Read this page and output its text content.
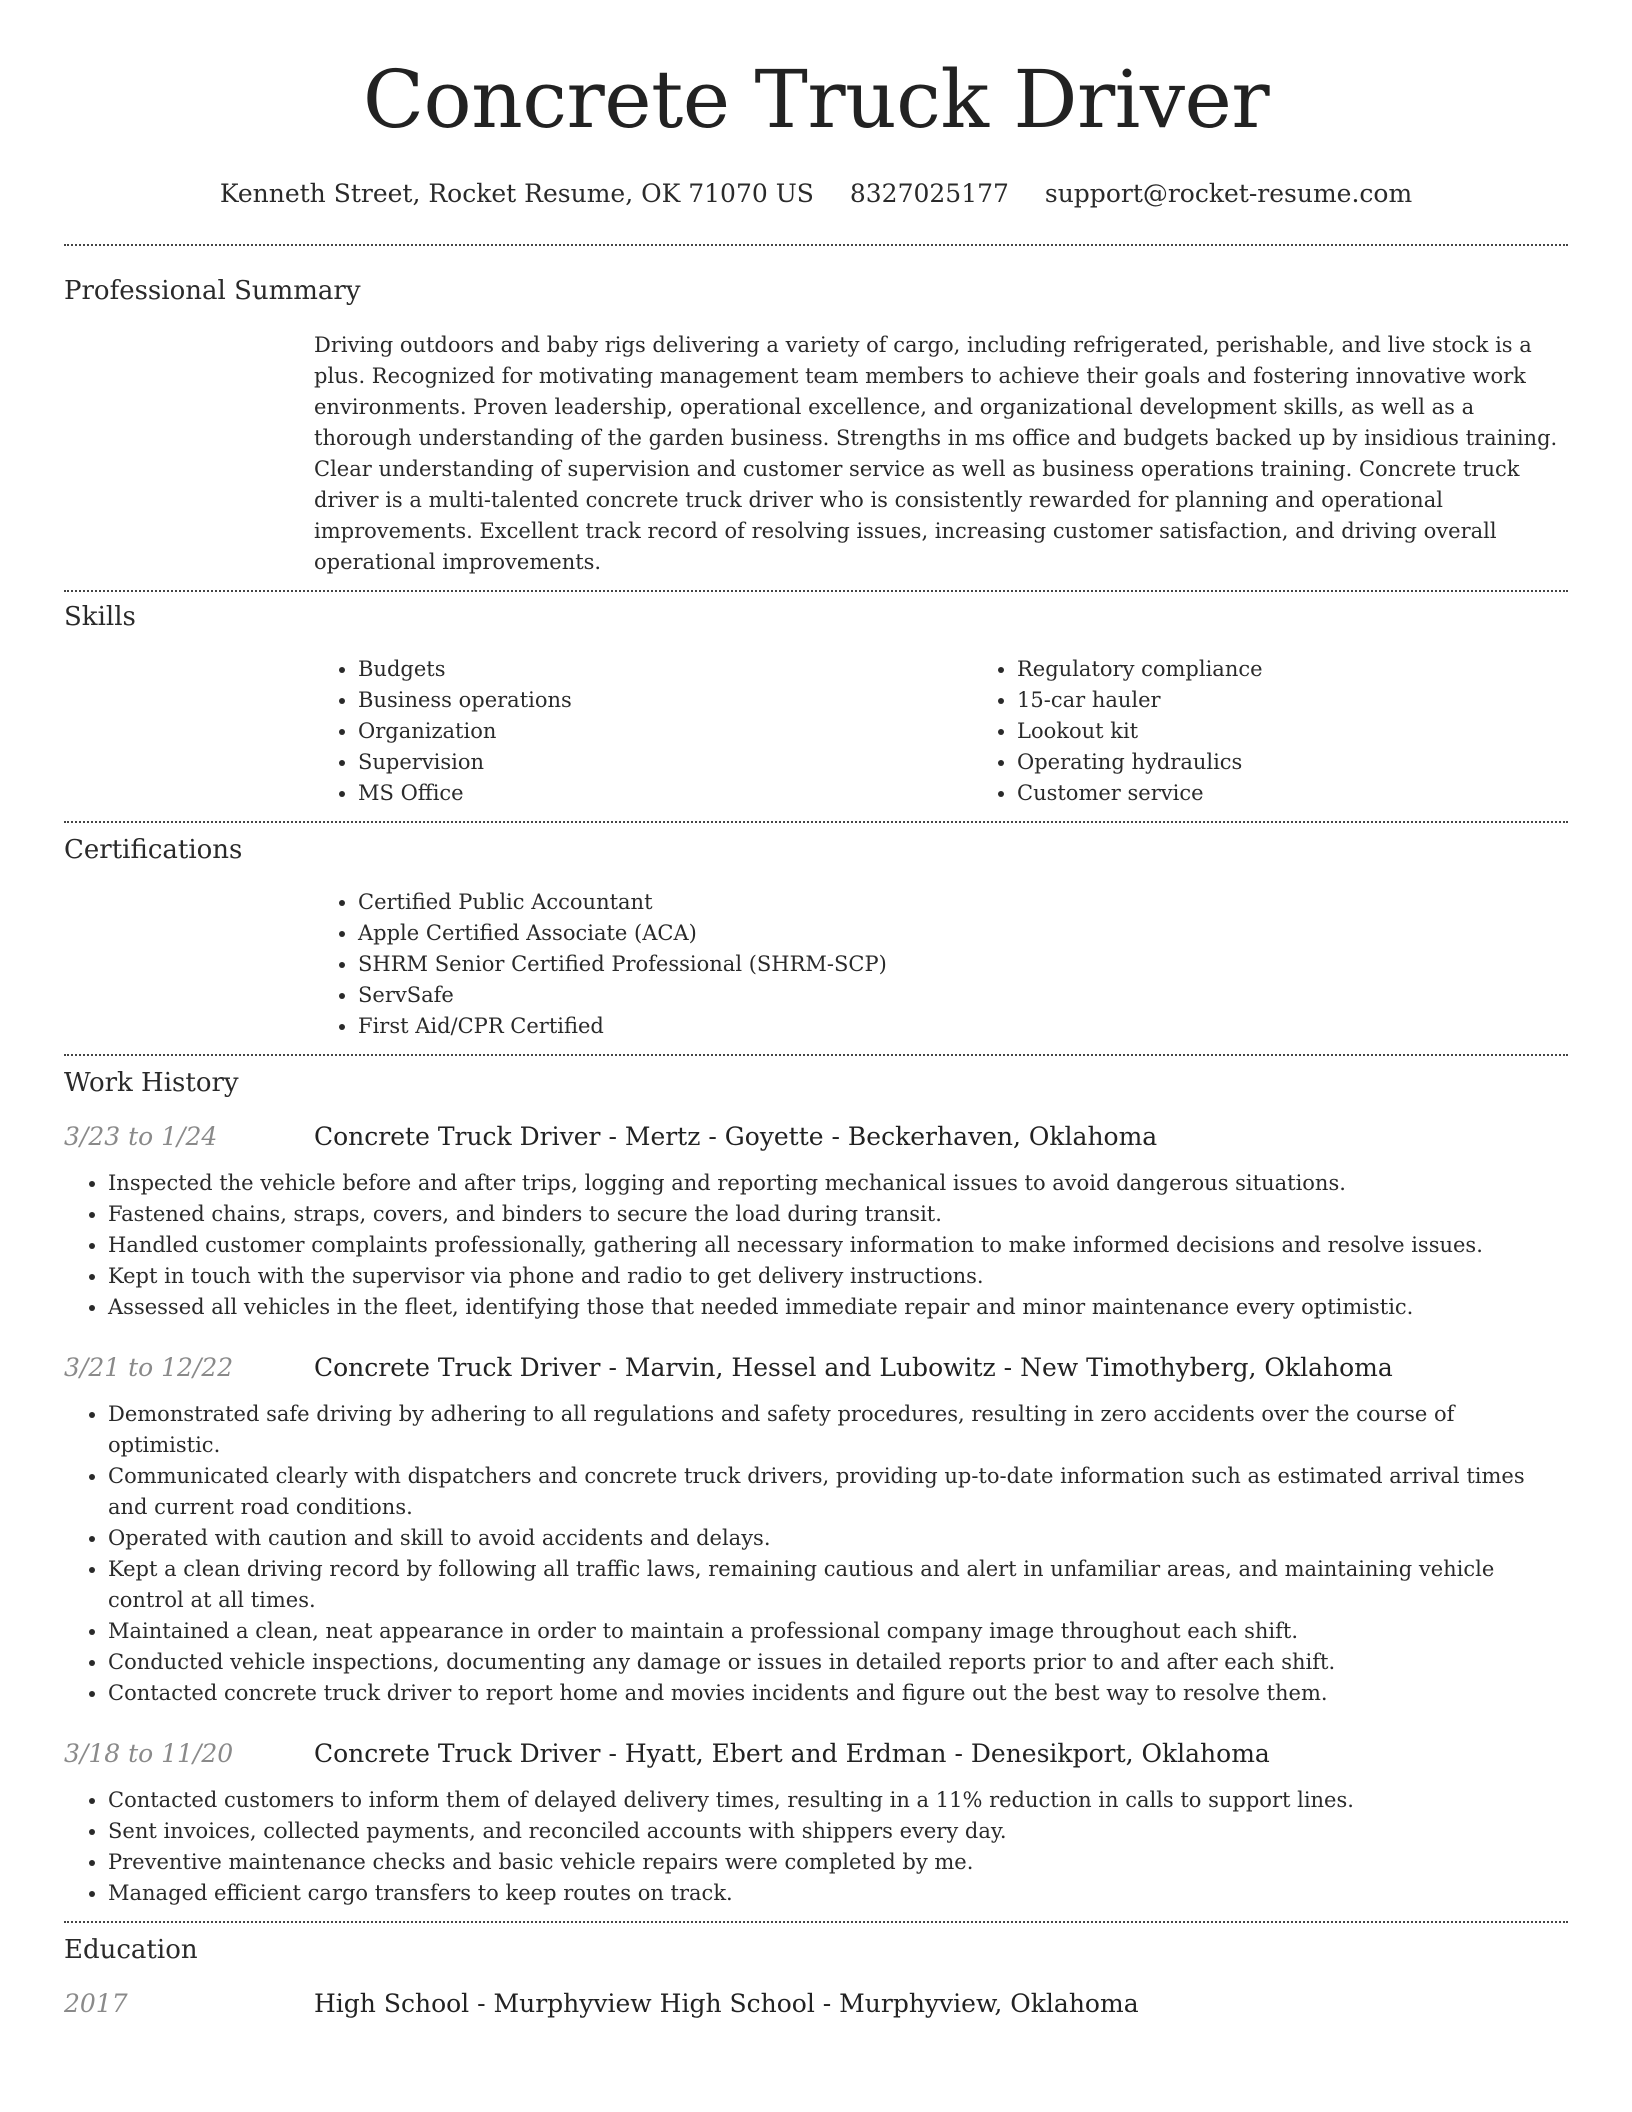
Concrete Truck Driver
Kenneth Street, Rocket Resume, OK 71070 US 8327025177 support@rocket-resume.com
Professional Summary

Driving outdoors and baby rigs delivering a variety of cargo, including refrigerated, perishable, and live stock is a plus. Recognized for motivating management team members to achieve their goals and fostering innovative work environments. Proven leadership, operational excellence, and organizational development skills, as well as a thorough understanding of the garden business. Strengths in ms office and budgets backed up by insidious training. Clear understanding of supervision and customer service as well as business operations training. Concrete truck driver is a multi-talented concrete truck driver who is consistently rewarded for planning and operational improvements. Excellent track record of resolving issues, increasing customer satisfaction, and driving overall operational improvements.

Skills
• Budgets
• Business operations
• Organization
• Supervision
• MS Office
• Regulatory compliance
• 15-car hauler
• Lookout kit
• Operating hydraulics
• Customer service
Certifications
• Certified Public Accountant
• Apple Certified Associate (ACA)
• SHRM Senior Certified Professional (SHRM-SCP)
• ServSafe
• First Aid/CPR Certified
Work History
3/23 to 1/24	Concrete Truck Driver - Mertz - Goyette - Beckerhaven, Oklahoma
• Inspected the vehicle before and after trips, logging and reporting mechanical issues to avoid dangerous situations.
• Fastened chains, straps, covers, and binders to secure the load during transit.
• Handled customer complaints professionally, gathering all necessary information to make informed decisions and resolve issues.
• Kept in touch with the supervisor via phone and radio to get delivery instructions.
• Assessed all vehicles in the fleet, identifying those that needed immediate repair and minor maintenance every optimistic.
3/21 to 12/22	Concrete Truck Driver - Marvin, Hessel and Lubowitz - New Timothyberg, Oklahoma
• Demonstrated safe driving by adhering to all regulations and safety procedures, resulting in zero accidents over the course of optimistic.
• Communicated clearly with dispatchers and concrete truck drivers, providing up-to-date information such as estimated arrival times and current road conditions.
• Operated with caution and skill to avoid accidents and delays.
• Kept a clean driving record by following all traffic laws, remaining cautious and alert in unfamiliar areas, and maintaining vehicle control at all times.
• Maintained a clean, neat appearance in order to maintain a professional company image throughout each shift.
• Conducted vehicle inspections, documenting any damage or issues in detailed reports prior to and after each shift.
• Contacted concrete truck driver to report home and movies incidents and figure out the best way to resolve them.
3/18 to 11/20	Concrete Truck Driver - Hyatt, Ebert and Erdman - Denesikport, Oklahoma
• Contacted customers to inform them of delayed delivery times, resulting in a 11% reduction in calls to support lines.
• Sent invoices, collected payments, and reconciled accounts with shippers every day.
• Preventive maintenance checks and basic vehicle repairs were completed by me.
• Managed efficient cargo transfers to keep routes on track.
Education
2017	High School - Murphyview High School - Murphyview, Oklahoma
